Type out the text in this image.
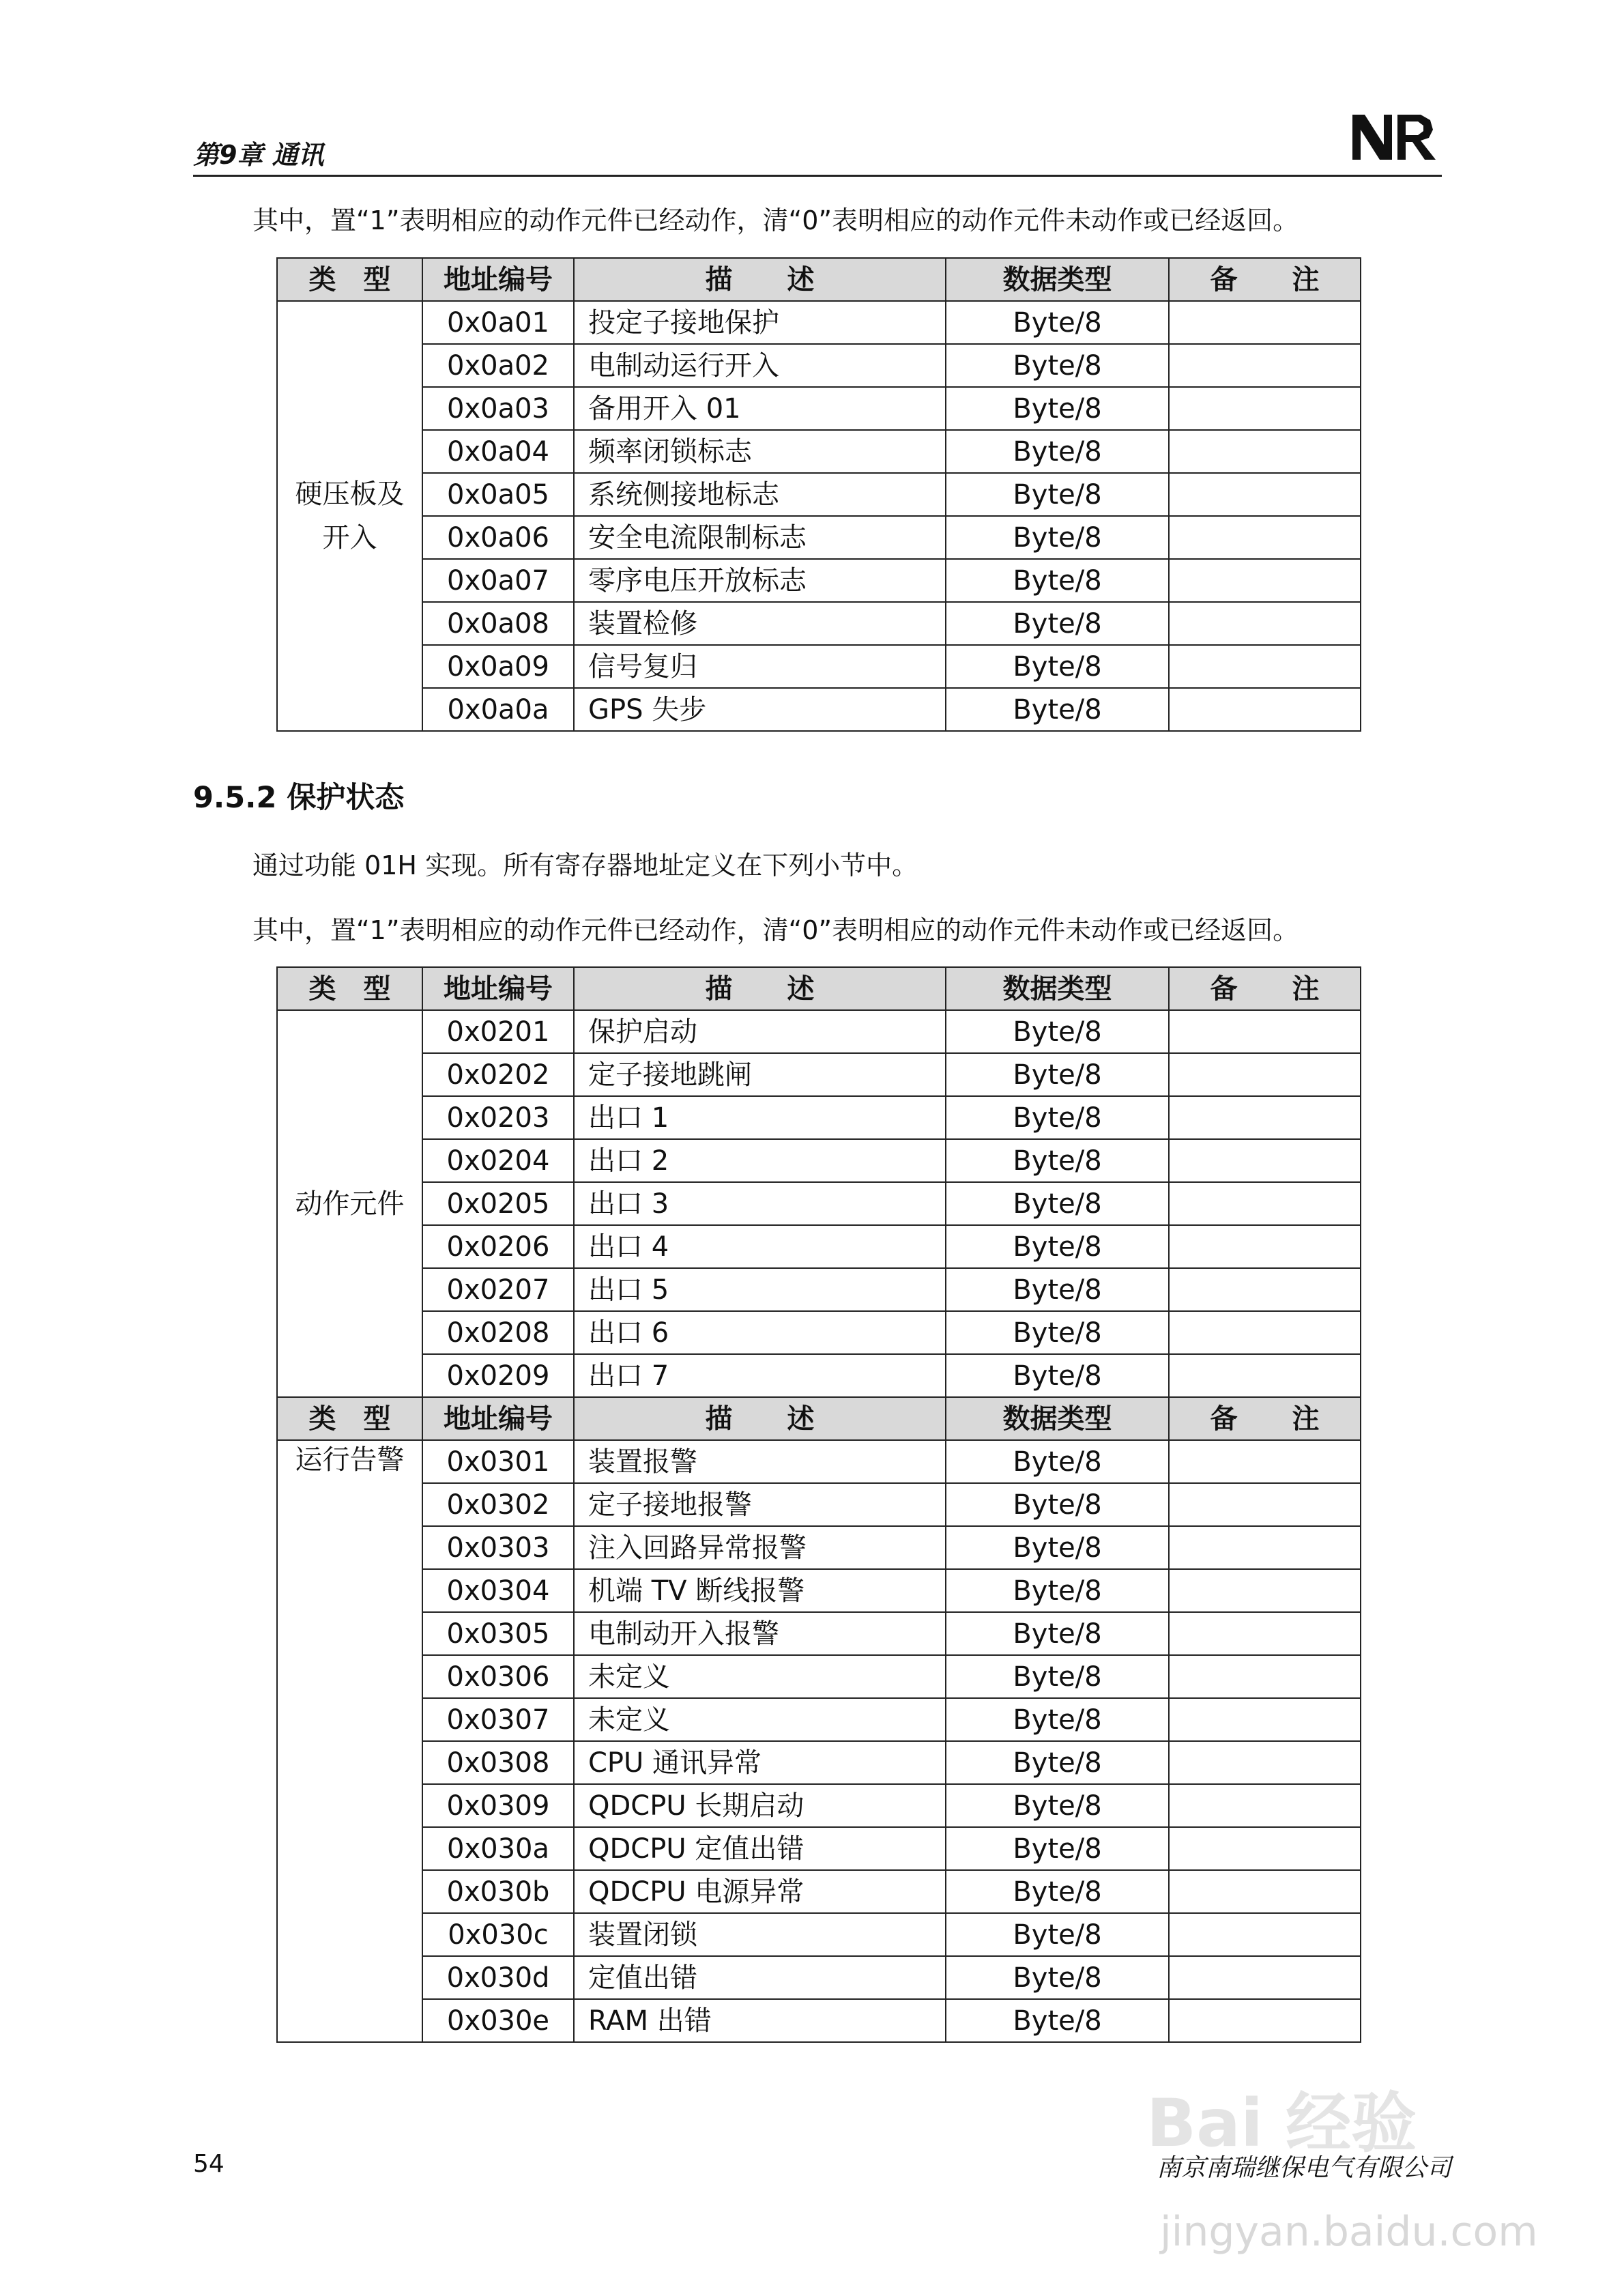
第9章 通讯
其中，置“1”表明相应的动作元件已经动作，清“0”表明相应的动作元件未动作或已经返回。
类　型	地址编号	描　　述	数据类型	备　　注
硬压板及开入	0x0a01	投定子接地保护	Byte/8	
	0x0a02	电制动运行开入	Byte/8	
	0x0a03	备用开入 01	Byte/8	
	0x0a04	频率闭锁标志	Byte/8	
	0x0a05	系统侧接地标志	Byte/8	
	0x0a06	安全电流限制标志	Byte/8	
	0x0a07	零序电压开放标志	Byte/8	
	0x0a08	装置检修	Byte/8	
	0x0a09	信号复归	Byte/8	
	0x0a0a	GPS 失步	Byte/8	
9.5.2 保护状态
通过功能 01H 实现。所有寄存器地址定义在下列小节中。
其中，置“1”表明相应的动作元件已经动作，清“0”表明相应的动作元件未动作或已经返回。
类　型	地址编号	描　　述	数据类型	备　　注
动作元件	0x0201	保护启动	Byte/8	
	0x0202	定子接地跳闸	Byte/8	
	0x0203	出口 1	Byte/8	
	0x0204	出口 2	Byte/8	
	0x0205	出口 3	Byte/8	
	0x0206	出口 4	Byte/8	
	0x0207	出口 5	Byte/8	
	0x0208	出口 6	Byte/8	
	0x0209	出口 7	Byte/8	
类　型	地址编号	描　　述	数据类型	备　　注
运行告警	0x0301	装置报警	Byte/8	
	0x0302	定子接地报警	Byte/8	
	0x0303	注入回路异常报警	Byte/8	
	0x0304	机端 TV 断线报警	Byte/8	
	0x0305	电制动开入报警	Byte/8	
	0x0306	未定义	Byte/8	
	0x0307	未定义	Byte/8	
	0x0308	CPU 通讯异常	Byte/8	
	0x0309	QDCPU 长期启动	Byte/8	
	0x030a	QDCPU 定值出错	Byte/8	
	0x030b	QDCPU 电源异常	Byte/8	
	0x030c	装置闭锁	Byte/8	
	0x030d	定值出错	Byte/8	
	0x030e	RAM 出错	Byte/8	
Bai 经验
54	南京南瑞继保电气有限公司
jingyan.baidu.com
